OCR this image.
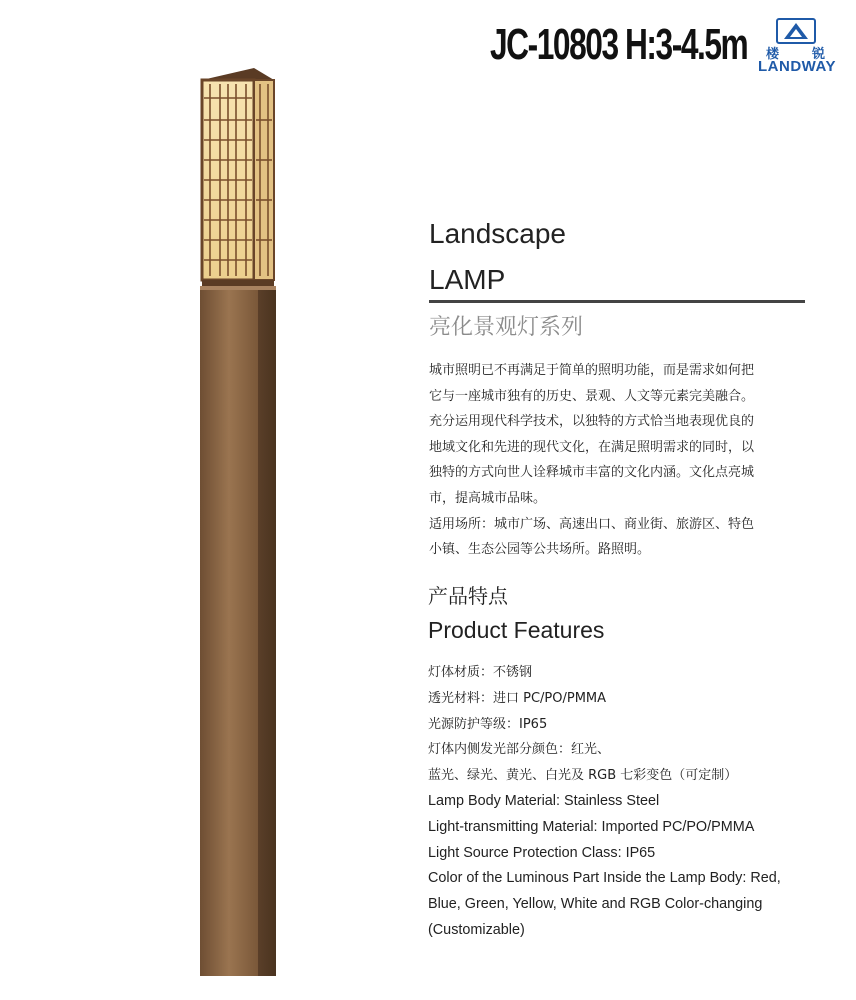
JC-10803 H:3-4.5m 楼	锐
LANDWAY
Landscape
LAMP
亮化景观灯系列

城市照明已不再满足于简单的照明功能，而是需求如何把

它与一座城市独有的历史、景观、人文等元素完美融合。

充分运用现代科学技术，以独特的方式恰当地表现优良的

地域文化和先进的现代文化，在满足照明需求的同时，以

独特的方式向世人诠释城市丰富的文化内涵。文化点亮城

市，提高城市品味。

适用场所：城市广场、高速出口、商业街、旅游区、特色

小镇、生态公园等公共场所。路照明。

产品特点
Product Features

灯体材质：不锈钢

透光材料：进口 PC/PO/PMMA

光源防护等级：IP65

灯体内侧发光部分颜色：红光、

蓝光、绿光、黄光、白光及 RGB 七彩变色（可定制）

Lamp Body Material: Stainless Steel

Light-transmitting Material: Imported PC/PO/PMMA

Light Source Protection Class: IP65

Color of the Luminous Part Inside the Lamp Body: Red,

Blue, Green, Yellow, White and RGB Color-changing

(Customizable)
